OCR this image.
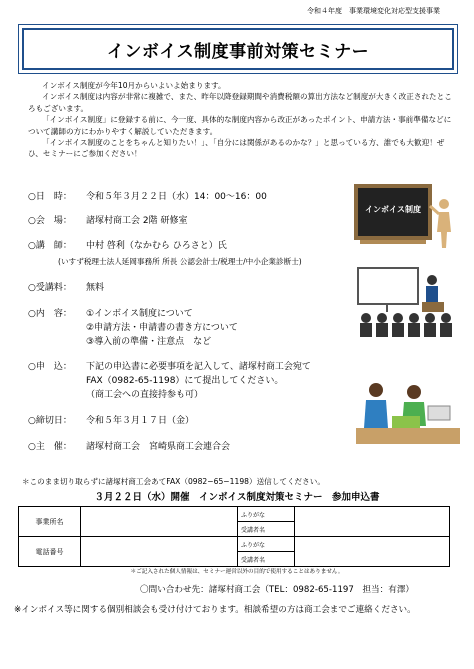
令和４年度　事業環境変化対応型支援事業
インボイス制度事前対策セミナー

インボイス制度が今年10月からいよいよ始まります。

インボイス制度は内容が非常に複雑で、また、昨年以降登録期間や消費税額の算出方法など制度が大きく改正されたところもございます。

「インボイス制度」に登録する前に、今一度、具体的な制度内容から改正があったポイント、申請方法・事前準備などについて講師の方にわかりやすく解説していただきます。

「インボイス制度のことをちゃんと知りたい！」、「自分には関係があるのかな？」と思っている方、誰でも大歓迎！ぜひ、セミナーにご参加ください！

○日　時： 令和５年３月２２日（水）14：00〜16：00
○会　場： 諸塚村商工会 2階 研修室
○講　師： 中村 啓利（なかむら ひろさと）氏
(いすず税理士法人延岡事務所 所長 公認会計士/税理士/中小企業診断士)
○受講料： 無料
○内　容： ①インボイス制度について
②申請方法・申請書の書き方について
③導入前の準備・注意点　など
○申　込： 下記の申込書に必要事項を記入して、諸塚村商工会宛て
FAX（0982-65-1198）にて提出してください。
（商工会への直接持参も可）
○締切日： 令和５年３月１７日（金）
○主　催： 諸塚村商工会　宮崎県商工会連合会
インボイス制度
＊このまま切り取らずに諸塚村商工会あてFAX（0982−65−1198）送信してください。
３月２２日（水）開催　インボイス制度対策セミナー　参加申込書
事業所名		ふりがな	
		受講者名	
電話番号		ふりがな	
		受講者名	
＊ご記入された個人情報は、セミナー運営以外の目的で使用することはありません。
〇問い合わせ先：諸塚村商工会（TEL：0982-65-1197　担当：有澤）
※インボイス等に関する個別相談会も受け付けております。相談希望の方は商工会までご連絡ください。
